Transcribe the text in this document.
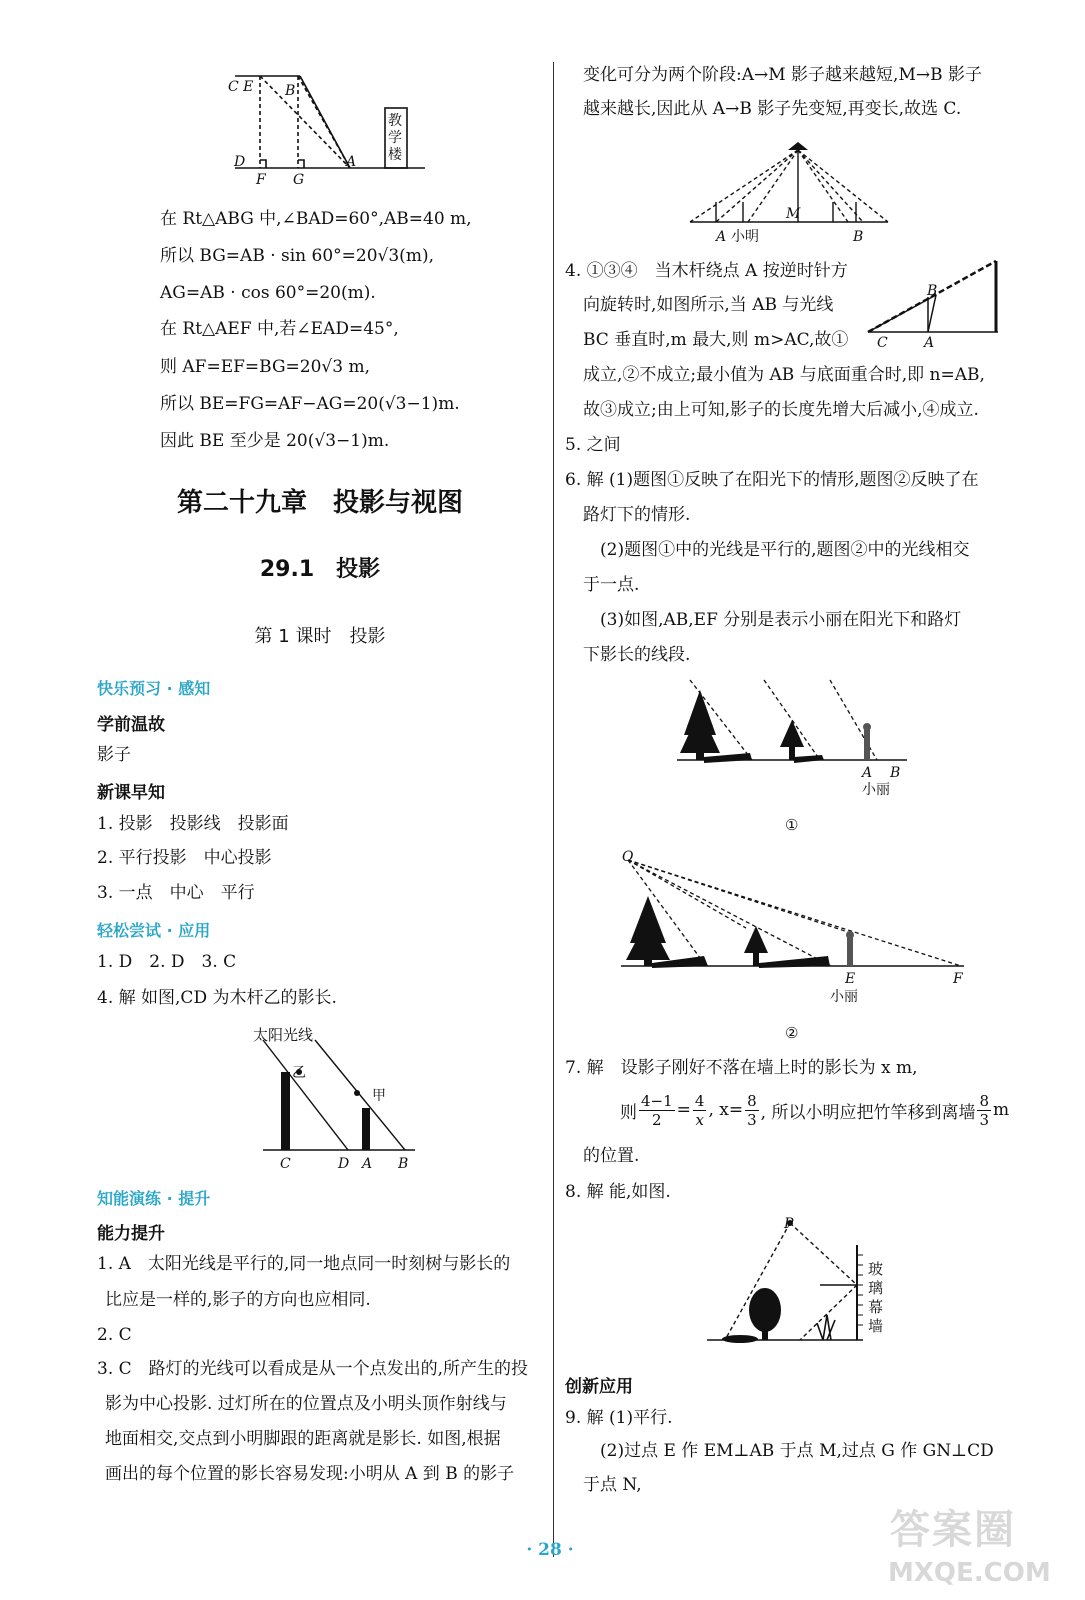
C E B
D
F G
A
教
学
楼
在 Rt△ABG 中,∠BAD=60°,AB=40 m,
所以 BG=AB · sin 60°=20√3(m),
AG=AB · cos 60°=20(m).
在 Rt△AEF 中,若∠EAD=45°,
则 AF=EF=BG=20√3 m,
所以 BE=FG=AF−AG=20(√3−1)m.
因此 BE 至少是 20(√3−1)m.
第二十九章　投影与视图
29.1　投影
第 1 课时　投影
快乐预习 · 感知
学前温故
影子
新课早知
1. 投影　投影线　投影面
2. 平行投影　中心投影
3. 一点　中心　平行
轻松尝试 · 应用
1. D　2. D　3. C
4. 解 如图,CD 为木杆乙的影长.
太阳光线
乙
甲
C	D A B
知能演练 · 提升
能力提升
1. A　太阳光线是平行的,同一地点同一时刻树与影长的
比应是一样的,影子的方向也应相同.
2. C
3. C　路灯的光线可以看成是从一个点发出的,所产生的投
影为中心投影. 过灯所在的位置点及小明头顶作射线与
地面相交,交点到小明脚跟的距离就是影长. 如图,根据
画出的每个位置的影长容易发现:小明从 A 到 B 的影子
变化可分为两个阶段:A→M 影子越来越短,M→B 影子
越来越长,因此从 A→B 影子先变短,再变长,故选 C.
A 小明
M
B
4. ①③④　当木杆绕点 A 按逆时针方
向旋转时,如图所示,当 AB 与光线
BC 垂直时,m 最大,则 m>AC,故①
成立,②不成立;最小值为 AB 与底面重合时,即 n=AB,
故③成立;由上可知,影子的长度先增大后减小,④成立.
B
C	A
5. 之间
6. 解 (1)题图①反映了在阳光下的情形,题图②反映了在
路灯下的情形.
(2)题图①中的光线是平行的,题图②中的光线相交
于一点.
(3)如图,AB,EF 分别是表示小丽在阳光下和路灯
下影长的线段.
A B
小丽
①
O
E	F
小丽
②
7. 解　设影子刚好不落在墙上时的影长为 x m,
则 $\frac{4-1}{2} = \frac{4}{x}$ , $x= \frac{8}{3}$ , 所以小明应把竹竿移到离墙 $\frac{8}{3}$ m
的位置.
8. 解 能,如图.
P
玻
璃
幕
墙
创新应用
9. 解 (1)平行.
(2)过点 E 作 EM⊥AB 于点 M,过点 G 作 GN⊥CD
于点 N,
· 28 ·	答案圈
MXQE.COM
